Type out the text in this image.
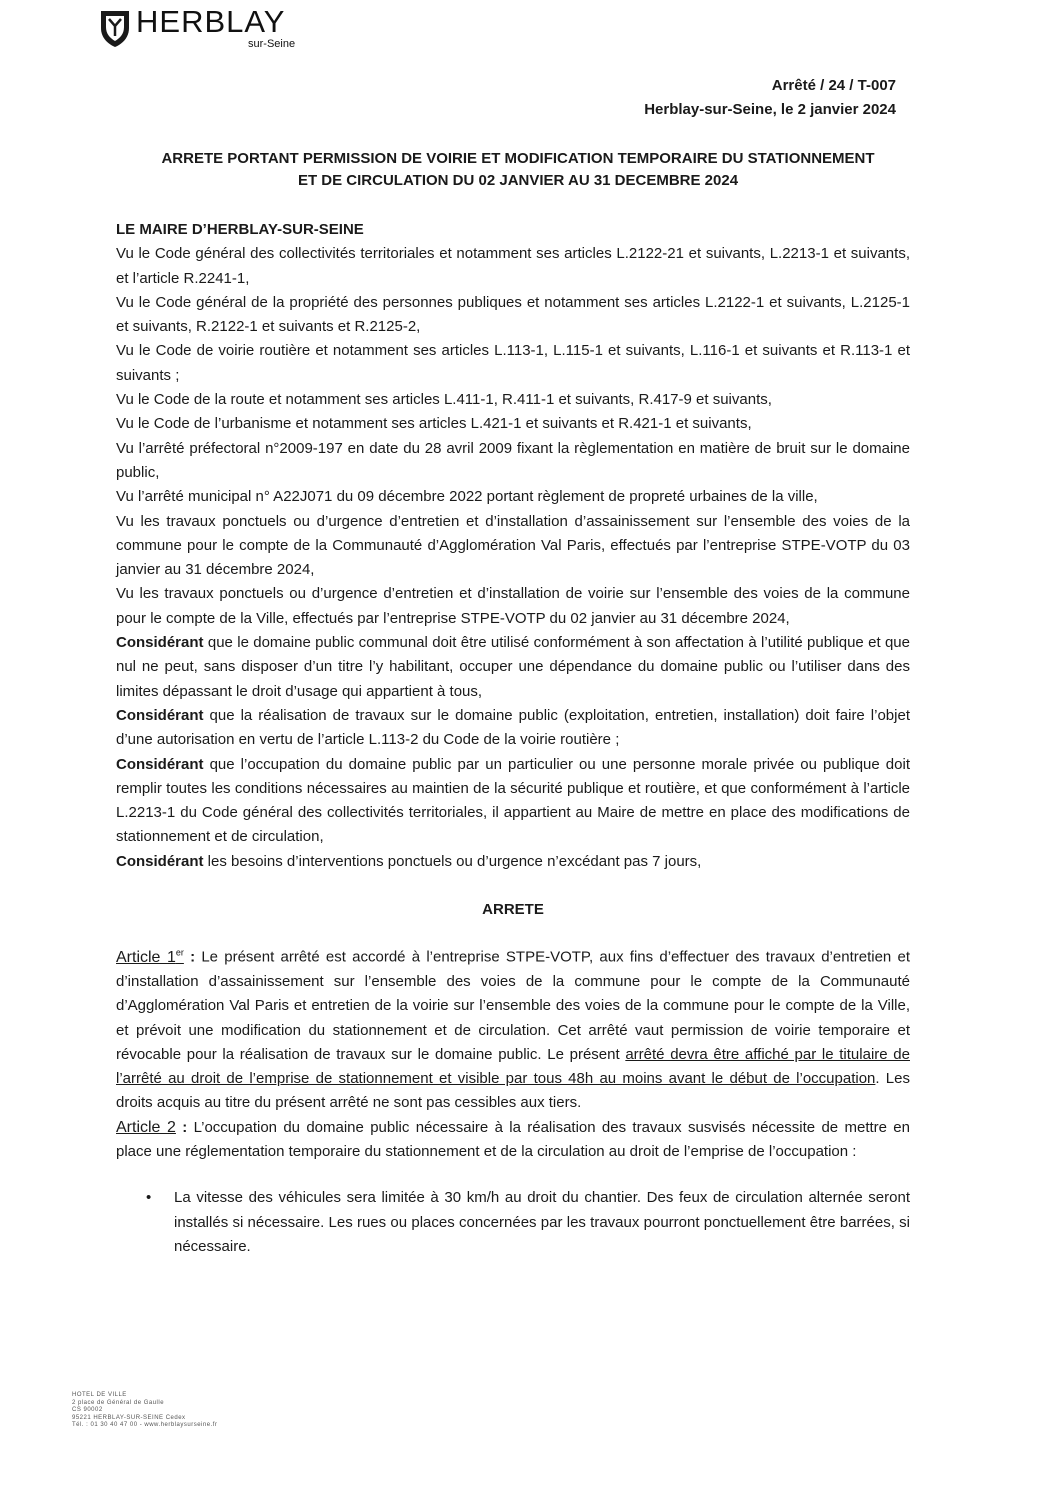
HERBLAY
sur-Seine
Arrêté / 24 / T-007
Herblay-sur-Seine, le 2 janvier 2024
ARRETE PORTANT PERMISSION DE VOIRIE ET MODIFICATION TEMPORAIRE DU STATIONNEMENT
ET DE CIRCULATION DU 02 JANVIER AU 31 DECEMBRE 2024

LE MAIRE D’HERBLAY-SUR-SEINE

Vu le Code général des collectivités territoriales et notamment ses articles L.2122-21 et suivants, L.2213-1 et suivants, et l’article R.2241-1,

Vu le Code général de la propriété des personnes publiques et notamment ses articles L.2122-1 et suivants, L.2125-1 et suivants, R.2122-1 et suivants et R.2125-2,

Vu le Code de voirie routière et notamment ses articles L.113-1, L.115-1 et suivants, L.116-1 et suivants et R.113-1 et suivants ;

Vu le Code de la route et notamment ses articles L.411-1, R.411-1 et suivants, R.417-9 et suivants,

Vu le Code de l’urbanisme et notamment ses articles L.421-1 et suivants et R.421-1 et suivants,

Vu l’arrêté préfectoral n°2009-197 en date du 28 avril 2009 fixant la règlementation en matière de bruit sur le domaine public,

Vu l’arrêté municipal n° A22J071 du 09 décembre 2022 portant règlement de propreté urbaines de la ville,

Vu les travaux ponctuels ou d’urgence d’entretien et d’installation d’assainissement sur l’ensemble des voies de la commune pour le compte de la Communauté d’Agglomération Val Paris, effectués par l’entreprise STPE-VOTP du 03 janvier au 31 décembre 2024,

Vu les travaux ponctuels ou d’urgence d’entretien et d’installation de voirie sur l’ensemble des voies de la commune pour le compte de la Ville, effectués par l’entreprise STPE-VOTP du 02 janvier au 31 décembre 2024,

Considérant que le domaine public communal doit être utilisé conformément à son affectation à l’utilité publique et que nul ne peut, sans disposer d’un titre l’y habilitant, occuper une dépendance du domaine public ou l’utiliser dans des limites dépassant le droit d’usage qui appartient à tous,

Considérant que la réalisation de travaux sur le domaine public (exploitation, entretien, installation) doit faire l’objet d’une autorisation en vertu de l’article L.113-2 du Code de la voirie routière ;

Considérant que l’occupation du domaine public par un particulier ou une personne morale privée ou publique doit remplir toutes les conditions nécessaires au maintien de la sécurité publique et routière, et que conformément à l’article L.2213-1 du Code général des collectivités territoriales, il appartient au Maire de mettre en place des modifications de stationnement et de circulation,

Considérant les besoins d’interventions ponctuels ou d’urgence n’excédant pas 7 jours,

ARRETE

Article 1er : Le présent arrêté est accordé à l’entreprise STPE-VOTP, aux fins d’effectuer des travaux d’entretien et d’installation d’assainissement sur l’ensemble des voies de la commune pour le compte de la Communauté d’Agglomération Val Paris et entretien de la voirie sur l’ensemble des voies de la commune pour le compte de la Ville, et prévoit une modification du stationnement et de circulation. Cet arrêté vaut permission de voirie temporaire et révocable pour la réalisation de travaux sur le domaine public. Le présent arrêté devra être affiché par le titulaire de l’arrêté au droit de l’emprise de stationnement et visible par tous 48h au moins avant le début de l’occupation. Les droits acquis au titre du présent arrêté ne sont pas cessibles aux tiers.

Article 2 : L’occupation du domaine public nécessaire à la réalisation des travaux susvisés nécessite de mettre en place une réglementation temporaire du stationnement et de la circulation au droit de l’emprise de l’occupation :

• La vitesse des véhicules sera limitée à 30 km/h au droit du chantier. Des feux de circulation alternée seront installés si nécessaire. Les rues ou places concernées par les travaux pourront ponctuellement être barrées, si nécessaire.
HOTEL DE VILLE
2 place de Général de Gaulle
CS 90002
95221 HERBLAY-SUR-SEINE Cedex
Tél. : 01 30 40 47 00 - www.herblaysurseine.fr
